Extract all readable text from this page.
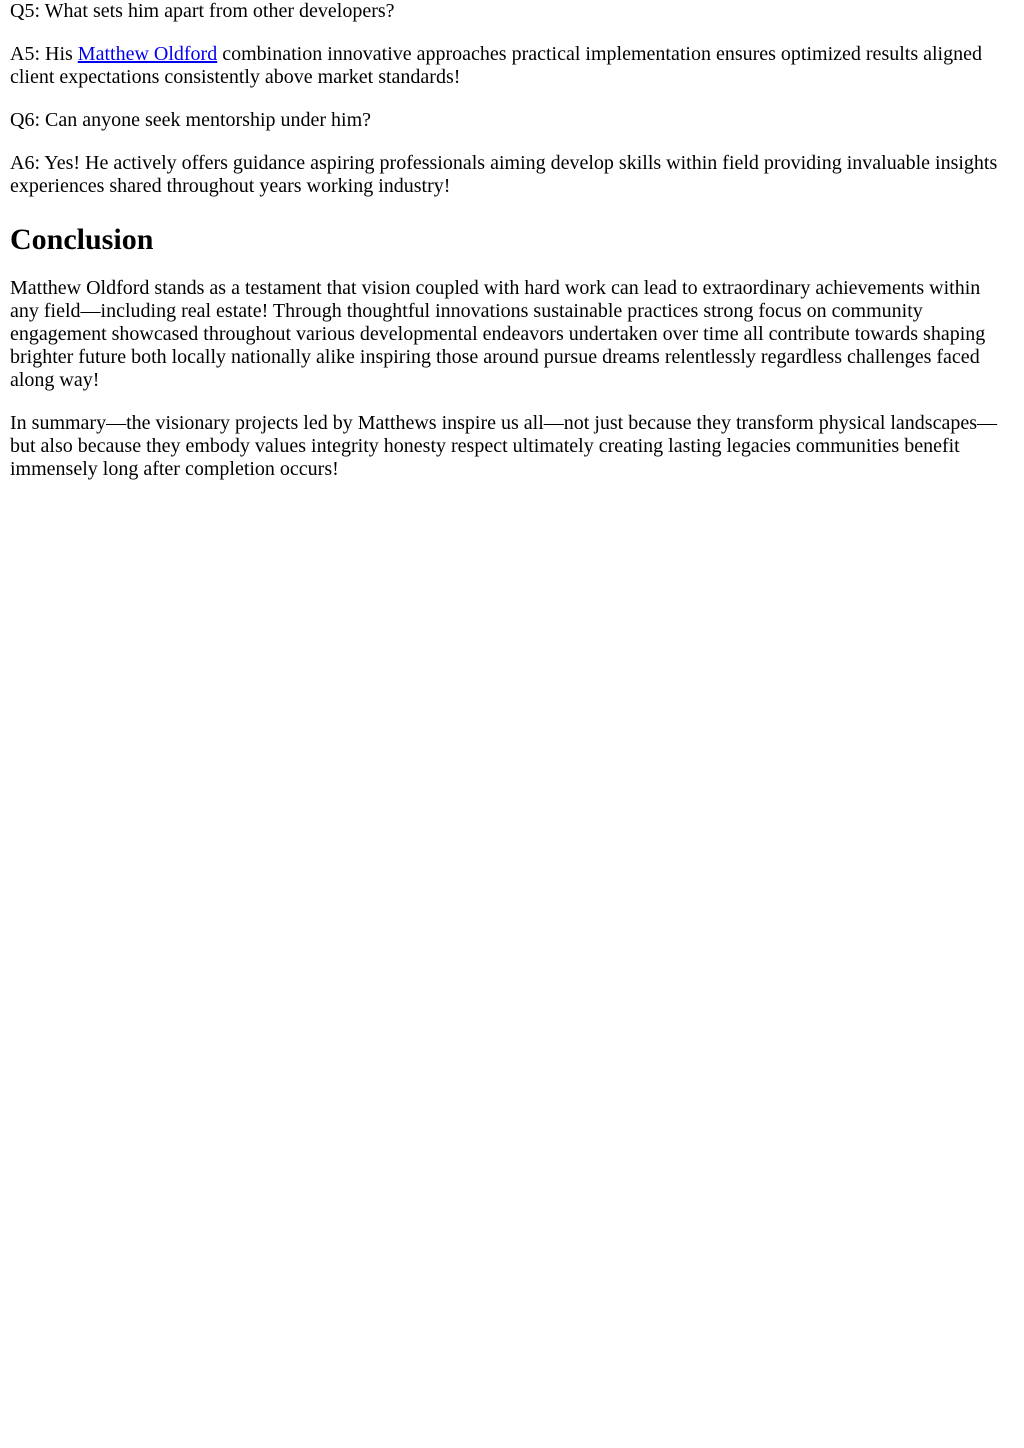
Q5: What sets him apart from other developers?

A5: His Matthew Oldford combination innovative approaches practical implementation ensures optimized results aligned client expectations consistently above market standards!

Q6: Can anyone seek mentorship under him?

A6: Yes! He actively offers guidance aspiring professionals aiming develop skills within field providing invaluable insights experiences shared throughout years working industry!

Conclusion

Matthew Oldford stands as a testament that vision coupled with hard work can lead to extraordinary achievements within any field—including real estate! Through thoughtful innovations sustainable practices strong focus on community engagement showcased throughout various developmental endeavors undertaken over time all contribute towards shaping brighter future both locally nationally alike inspiring those around pursue dreams relentlessly regardless challenges faced along way!

In summary—the visionary projects led by Matthews inspire us all—not just because they transform physical landscapes—but also because they embody values integrity honesty respect ultimately creating lasting legacies communities benefit immensely long after completion occurs!
